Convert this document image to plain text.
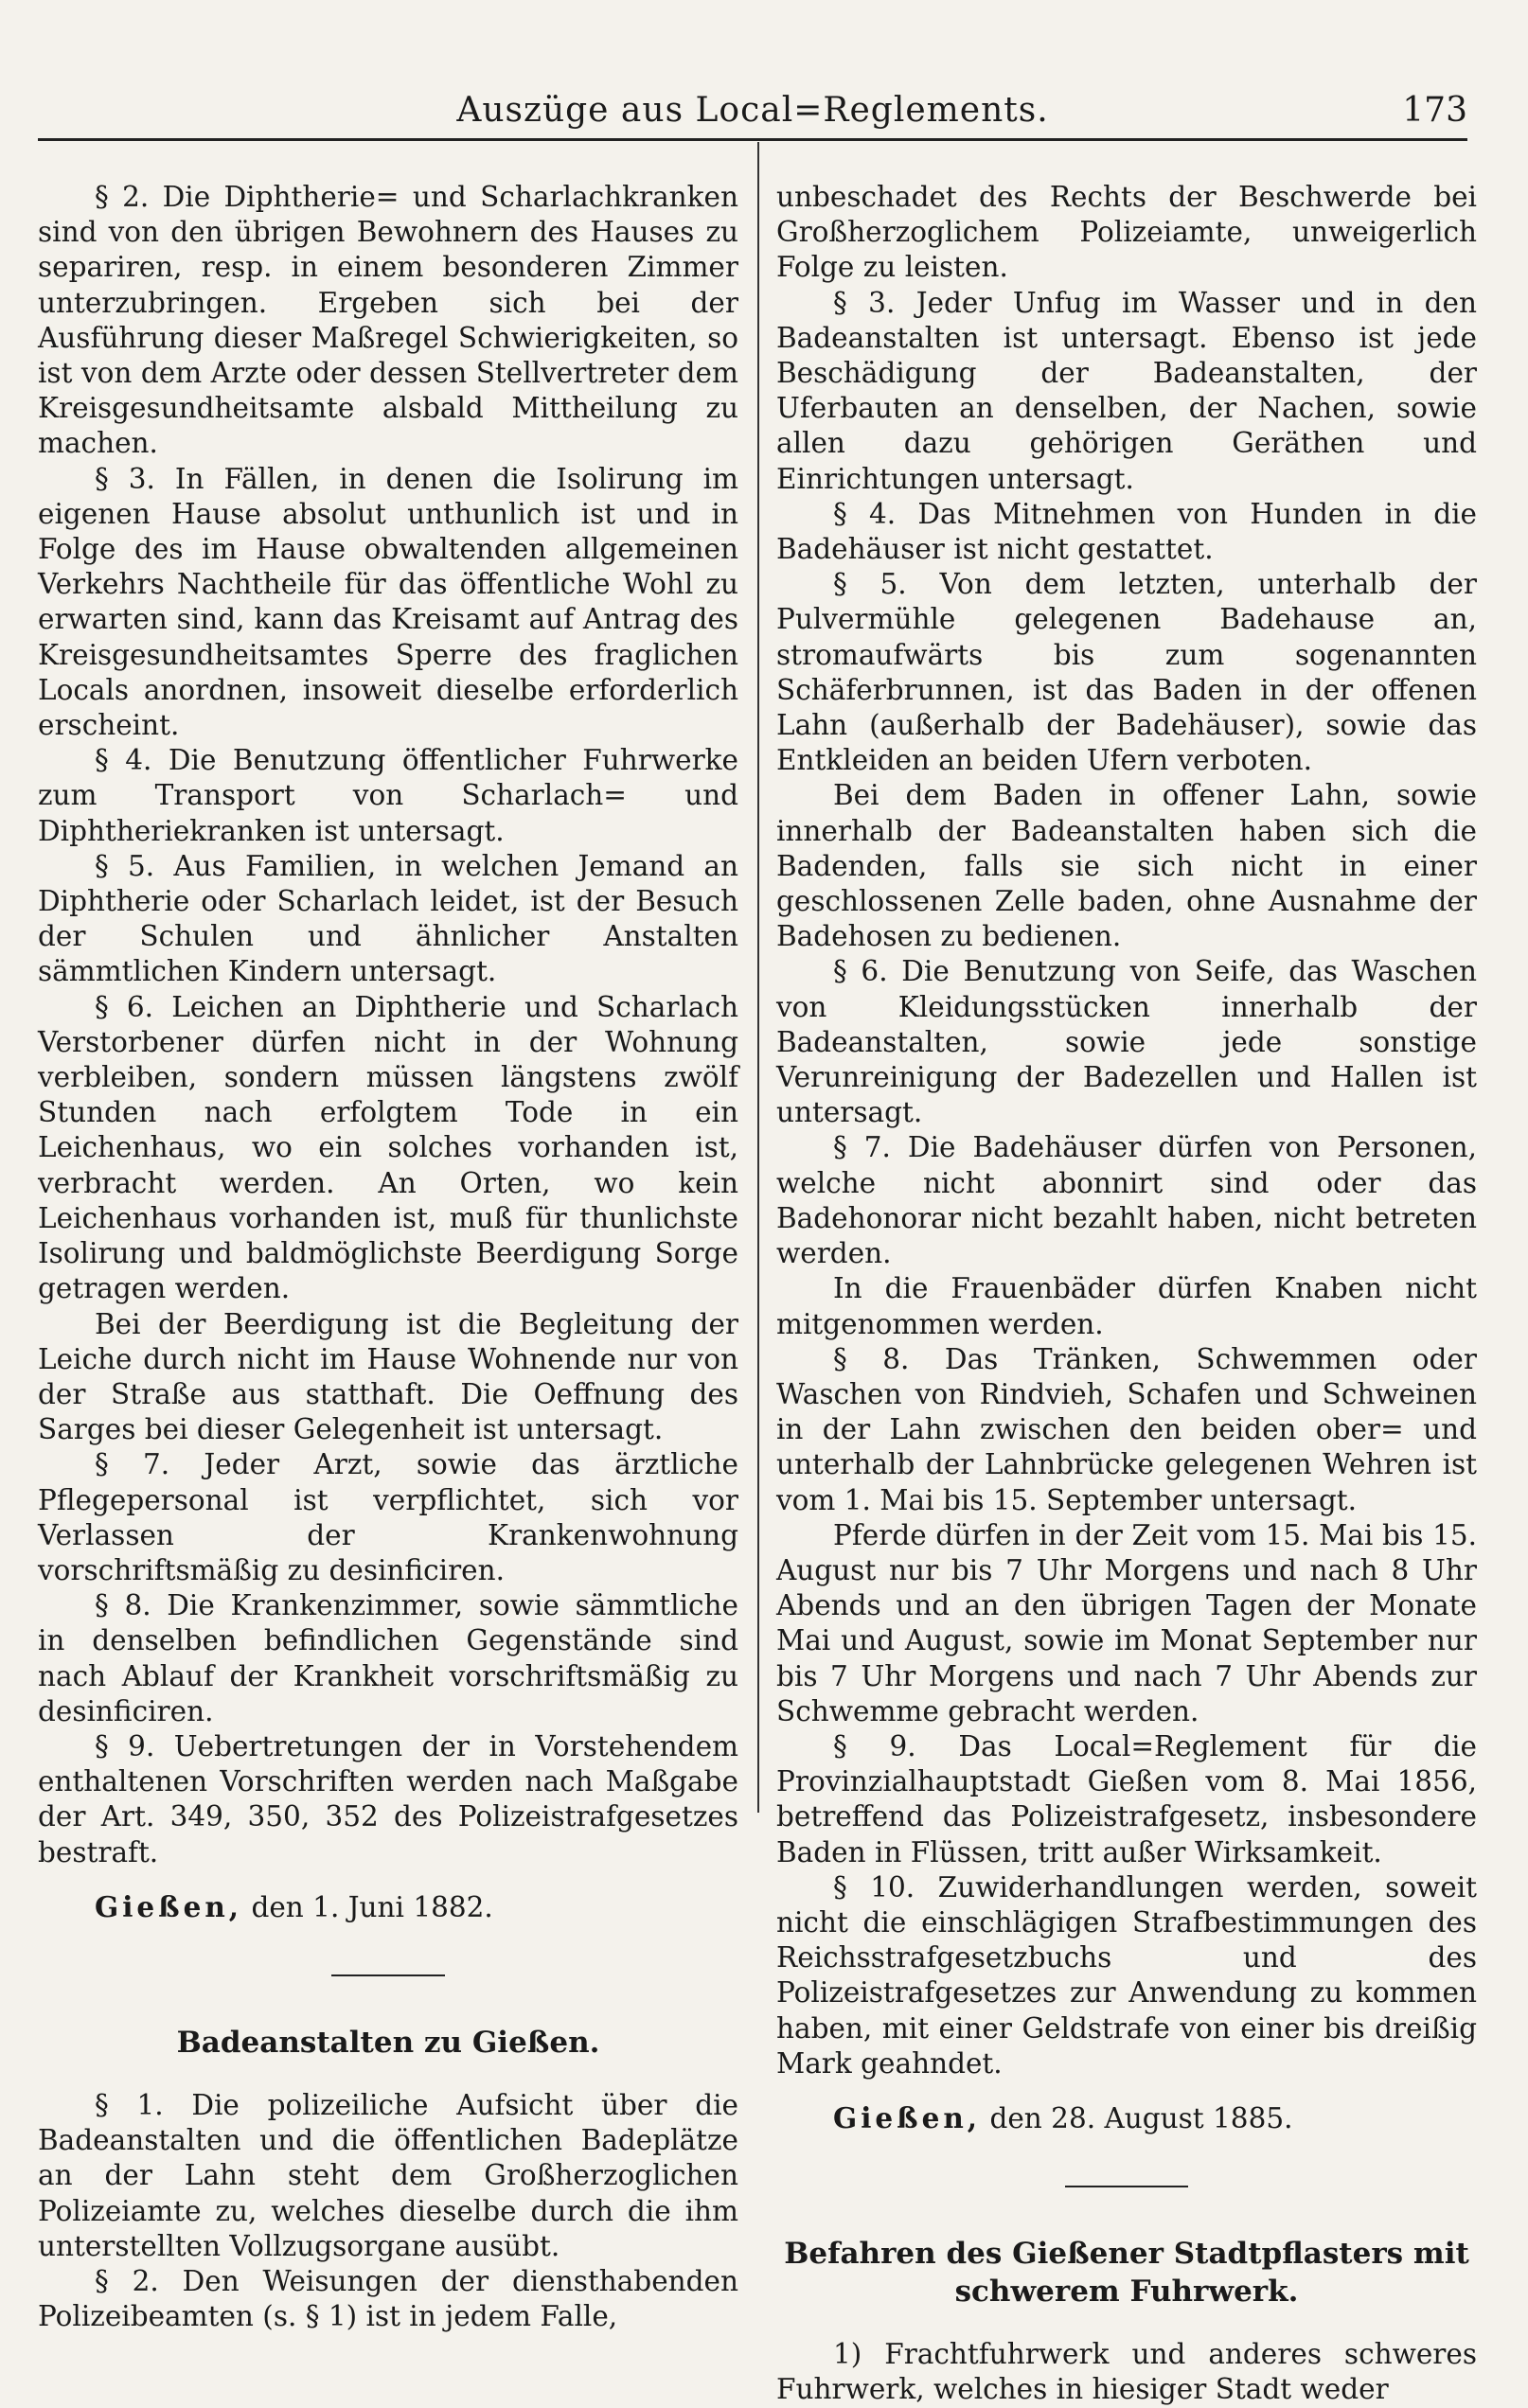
Auszüge aus Local=Reglements.	173

§ 2. Die Diphtherie= und Scharlachkranken sind von den übrigen Bewohnern des Hauses zu separiren, resp. in einem besonderen Zimmer unterzubringen. Ergeben sich bei der Ausführung dieser Maßregel Schwierigkeiten, so ist von dem Arzte oder dessen Stellvertreter dem Kreisgesundheitsamte alsbald Mittheilung zu machen.

§ 3. In Fällen, in denen die Isolirung im eigenen Hause absolut unthunlich ist und in Folge des im Hause obwaltenden allgemeinen Verkehrs Nachtheile für das öffentliche Wohl zu erwarten sind, kann das Kreisamt auf Antrag des Kreisgesundheitsamtes Sperre des fraglichen Locals anordnen, insoweit dieselbe erforderlich erscheint.

§ 4. Die Benutzung öffentlicher Fuhrwerke zum Transport von Scharlach= und Diphtheriekranken ist untersagt.

§ 5. Aus Familien, in welchen Jemand an Diphtherie oder Scharlach leidet, ist der Besuch der Schulen und ähnlicher Anstalten sämmtlichen Kindern untersagt.

§ 6. Leichen an Diphtherie und Scharlach Verstorbener dürfen nicht in der Wohnung verbleiben, sondern müssen längstens zwölf Stunden nach erfolgtem Tode in ein Leichenhaus, wo ein solches vorhanden ist, verbracht werden. An Orten, wo kein Leichenhaus vorhanden ist, muß für thunlichste Isolirung und baldmöglichste Beerdigung Sorge getragen werden.

Bei der Beerdigung ist die Begleitung der Leiche durch nicht im Hause Wohnende nur von der Straße aus statthaft. Die Oeffnung des Sarges bei dieser Gelegenheit ist untersagt.

§ 7. Jeder Arzt, sowie das ärztliche Pflegepersonal ist verpflichtet, sich vor Verlassen der Krankenwohnung vorschriftsmäßig zu desinficiren.

§ 8. Die Krankenzimmer, sowie sämmtliche in denselben befindlichen Gegenstände sind nach Ablauf der Krankheit vorschriftsmäßig zu desinficiren.

§ 9. Uebertretungen der in Vorstehendem enthaltenen Vorschriften werden nach Maßgabe der Art. 349, 350, 352 des Polizeistrafgesetzes bestraft.

Gießen, den 1. Juni 1882.
Badeanstalten zu Gießen.

§ 1. Die polizeiliche Aufsicht über die Badeanstalten und die öffentlichen Badeplätze an der Lahn steht dem Großherzoglichen Polizeiamte zu, welches dieselbe durch die ihm unterstellten Vollzugsorgane ausübt.

§ 2. Den Weisungen der diensthabenden Polizeibeamten (s. § 1) ist in jedem Falle,

unbeschadet des Rechts der Beschwerde bei Großherzoglichem Polizeiamte, unweigerlich Folge zu leisten.

§ 3. Jeder Unfug im Wasser und in den Badeanstalten ist untersagt. Ebenso ist jede Beschädigung der Badeanstalten, der Uferbauten an denselben, der Nachen, sowie allen dazu gehörigen Geräthen und Einrichtungen untersagt.

§ 4. Das Mitnehmen von Hunden in die Badehäuser ist nicht gestattet.

§ 5. Von dem letzten, unterhalb der Pulvermühle gelegenen Badehause an, stromaufwärts bis zum sogenannten Schäferbrunnen, ist das Baden in der offenen Lahn (außerhalb der Badehäuser), sowie das Entkleiden an beiden Ufern verboten.

Bei dem Baden in offener Lahn, sowie innerhalb der Badeanstalten haben sich die Badenden, falls sie sich nicht in einer geschlossenen Zelle baden, ohne Ausnahme der Badehosen zu bedienen.

§ 6. Die Benutzung von Seife, das Waschen von Kleidungsstücken innerhalb der Badeanstalten, sowie jede sonstige Verunreinigung der Badezellen und Hallen ist untersagt.

§ 7. Die Badehäuser dürfen von Personen, welche nicht abonnirt sind oder das Badehonorar nicht bezahlt haben, nicht betreten werden.

In die Frauenbäder dürfen Knaben nicht mitgenommen werden.

§ 8. Das Tränken, Schwemmen oder Waschen von Rindvieh, Schafen und Schweinen in der Lahn zwischen den beiden ober= und unterhalb der Lahnbrücke gelegenen Wehren ist vom 1. Mai bis 15. September untersagt.

Pferde dürfen in der Zeit vom 15. Mai bis 15. August nur bis 7 Uhr Morgens und nach 8 Uhr Abends und an den übrigen Tagen der Monate Mai und August, sowie im Monat September nur bis 7 Uhr Morgens und nach 7 Uhr Abends zur Schwemme gebracht werden.

§ 9. Das Local=Reglement für die Provinzialhauptstadt Gießen vom 8. Mai 1856, betreffend das Polizeistrafgesetz, insbesondere Baden in Flüssen, tritt außer Wirksamkeit.

§ 10. Zuwiderhandlungen werden, soweit nicht die einschlägigen Strafbestimmungen des Reichsstrafgesetzbuchs und des Polizeistrafgesetzes zur Anwendung zu kommen haben, mit einer Geldstrafe von einer bis dreißig Mark geahndet.

Gießen, den 28. August 1885.
Befahren des Gießener Stadtpflasters mit schwerem Fuhrwerk.

1) Frachtfuhrwerk und anderes schweres Fuhrwerk, welches in hiesiger Stadt weder
